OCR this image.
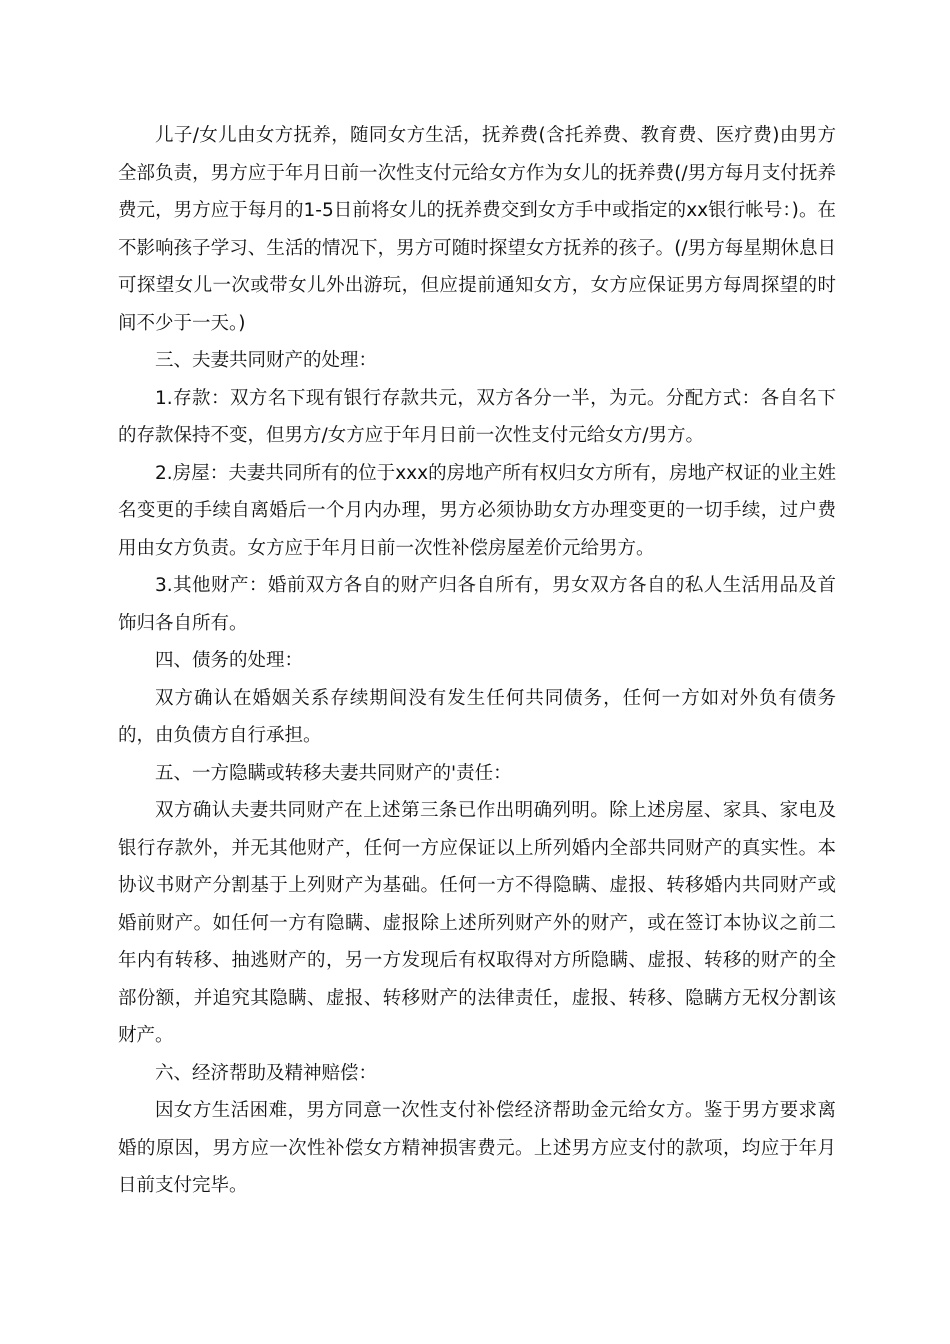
儿子/女儿由女方抚养，随同女方生活，抚养费(含托养费、教育费、医疗费)由男方全部负责，男方应于年月日前一次性支付元给女方作为女儿的抚养费(/男方每月支付抚养费元，男方应于每月的1-5日前将女儿的抚养费交到女方手中或指定的xx银行帐号：)。在不影响孩子学习、生活的情况下，男方可随时探望女方抚养的孩子。(/男方每星期休息日可探望女儿一次或带女儿外出游玩，但应提前通知女方，女方应保证男方每周探望的时间不少于一天。)

三、夫妻共同财产的处理：

1.存款：双方名下现有银行存款共元，双方各分一半，为元。分配方式：各自名下的存款保持不变，但男方/女方应于年月日前一次性支付元给女方/男方。

2.房屋：夫妻共同所有的位于xxx的房地产所有权归女方所有，房地产权证的业主姓名变更的手续自离婚后一个月内办理，男方必须协助女方办理变更的一切手续，过户费用由女方负责。女方应于年月日前一次性补偿房屋差价元给男方。

3.其他财产：婚前双方各自的财产归各自所有，男女双方各自的私人生活用品及首饰归各自所有。

四、债务的处理：

双方确认在婚姻关系存续期间没有发生任何共同债务，任何一方如对外负有债务的，由负债方自行承担。

五、一方隐瞒或转移夫妻共同财产的'责任：

双方确认夫妻共同财产在上述第三条已作出明确列明。除上述房屋、家具、家电及银行存款外，并无其他财产，任何一方应保证以上所列婚内全部共同财产的真实性。本协议书财产分割基于上列财产为基础。任何一方不得隐瞒、虚报、转移婚内共同财产或婚前财产。如任何一方有隐瞒、虚报除上述所列财产外的财产，或在签订本协议之前二年内有转移、抽逃财产的，另一方发现后有权取得对方所隐瞒、虚报、转移的财产的全部份额，并追究其隐瞒、虚报、转移财产的法律责任，虚报、转移、隐瞒方无权分割该财产。

六、经济帮助及精神赔偿：

因女方生活困难，男方同意一次性支付补偿经济帮助金元给女方。鉴于男方要求离婚的原因，男方应一次性补偿女方精神损害费元。上述男方应支付的款项，均应于年月日前支付完毕。
